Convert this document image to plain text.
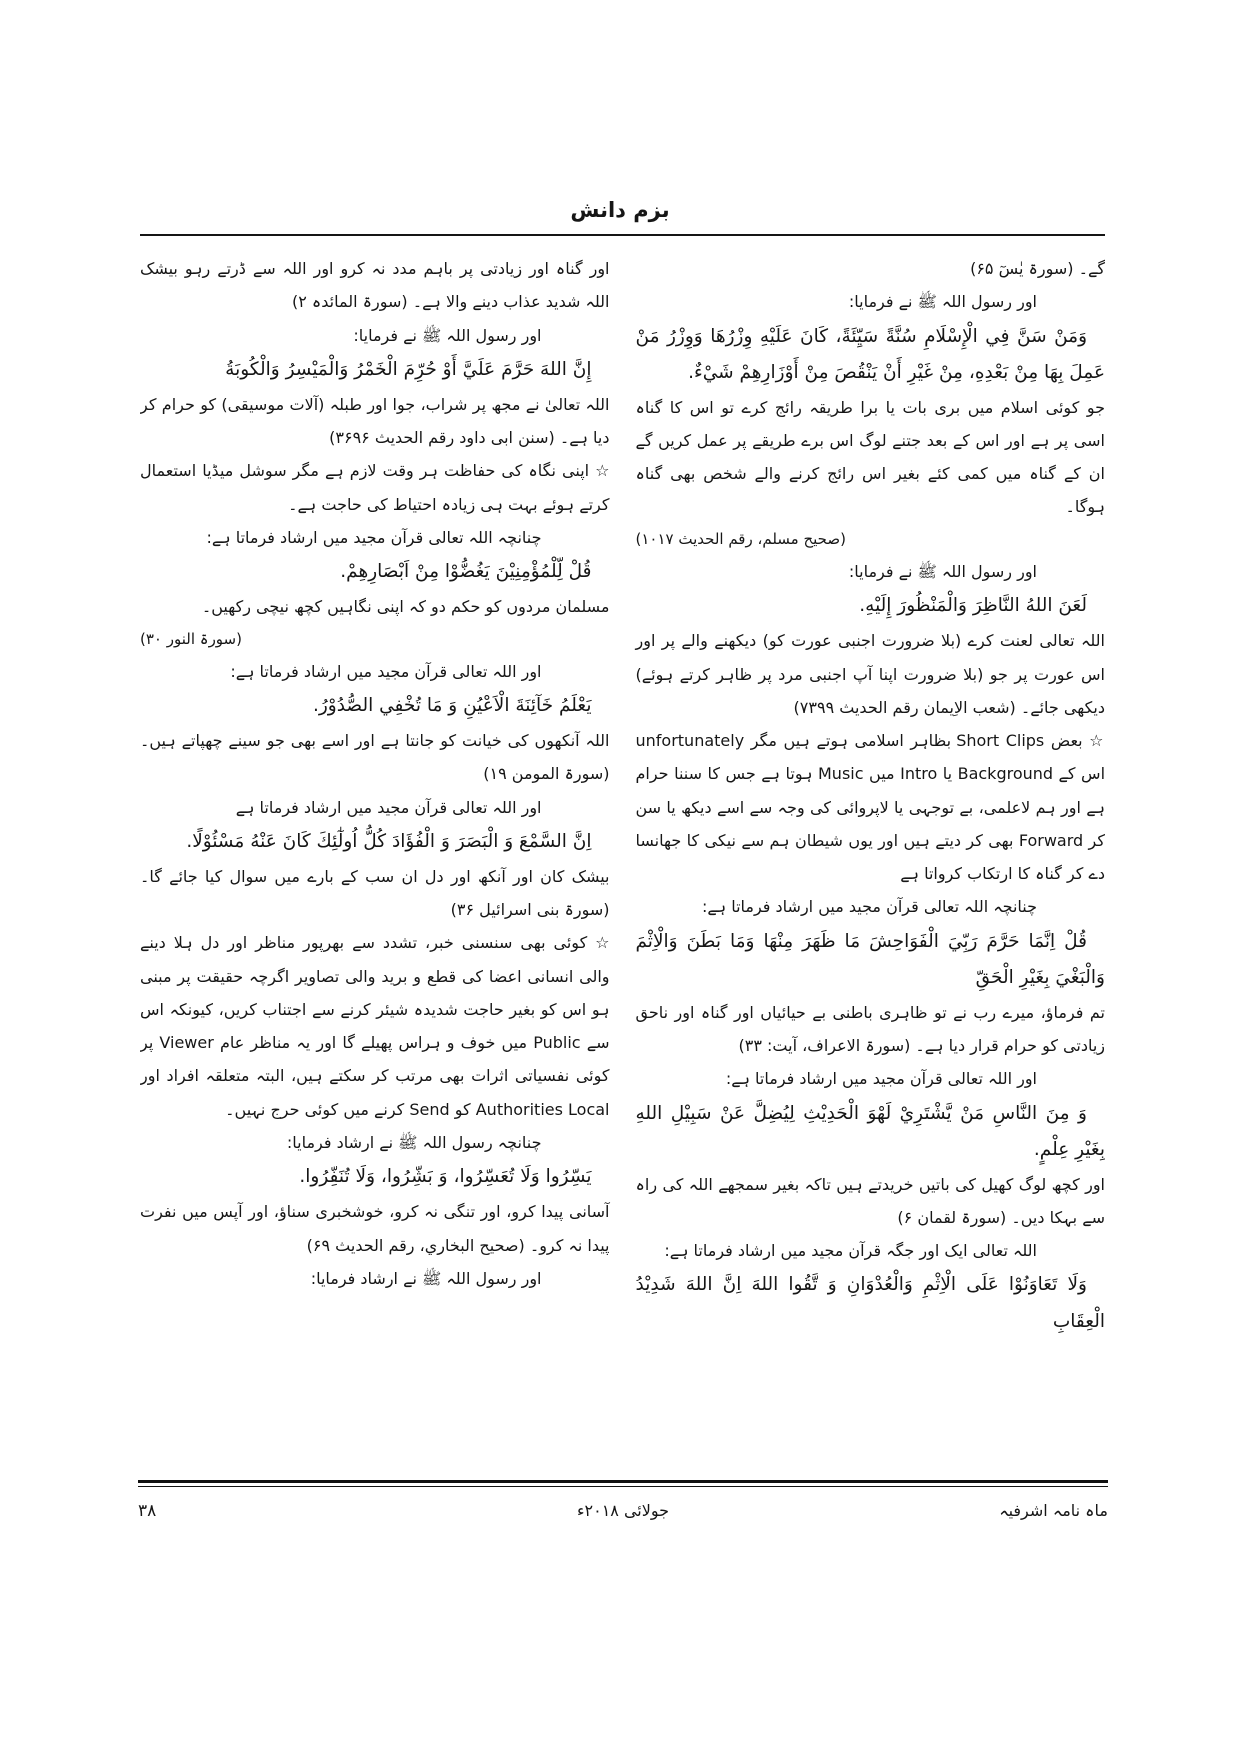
بزم دانش

گے۔ (سورۃ یٰسٓ ۶۵)

اور رسول اللہ ﷺ نے فرمایا:

وَمَنْ سَنَّ فِي الْإِسْلَامِ سُنَّةً سَيِّئَةً، كَانَ عَلَيْهِ وِزْرُهَا وَوِزْرُ مَنْ عَمِلَ بِهَا مِنْ بَعْدِهِ، مِنْ غَيْرِ أَنْ يَنْقُصَ مِنْ أَوْزَارِهِمْ شَيْءٌ.

جو کوئی اسلام میں بری بات یا برا طریقہ رائج کرے تو اس کا گناہ اسی پر ہے اور اس کے بعد جتنے لوگ اس برے طریقے پر عمل کریں گے ان کے گناہ میں کمی کئے بغیر اس رائج کرنے والے شخص بھی گناہ ہوگا۔

(صحیح مسلم، رقم الحدیث ۱۰۱۷)

اور رسول اللہ ﷺ نے فرمایا:

لَعَنَ اللهُ النَّاظِرَ وَالْمَنْظُورَ إِلَيْهِ.

اللہ تعالی لعنت کرے (بلا ضرورت اجنبی عورت کو) دیکھنے والے پر اور اس عورت پر جو (بلا ضرورت اپنا آپ اجنبی مرد پر ظاہر کرتے ہوئے) دیکھی جائے۔ (شعب الاِیمان رقم الحدیث ۷۳۹۹)

☆ بعض Short Clips بظاہر اسلامی ہوتے ہیں مگر unfortunately اس کے Background یا Intro میں Music ہوتا ہے جس کا سننا حرام ہے اور ہم لاعلمی، بے توجہی یا لاپروائی کی وجہ سے اسے دیکھ یا سن کر Forward بھی کر دیتے ہیں اور یوں شیطان ہم سے نیکی کا جھانسا دے کر گناہ کا ارتکاب کرواتا ہے

چنانچہ اللہ تعالی قرآن مجید میں ارشاد فرماتا ہے:

قُلْ اِنَّمَا حَرَّمَ رَبِّيَ الْفَوَاحِشَ مَا ظَهَرَ مِنْهَا وَمَا بَطَنَ وَالْاِثْمَ وَالْبَغْيَ بِغَيْرِ الْحَقِّ

تم فرماؤ، میرے رب نے تو ظاہری باطنی بے حیائیاں اور گناہ اور ناحق زیادتی کو حرام قرار دیا ہے۔ (سورۃ الاعراف، آیت: ۳۳)

اور اللہ تعالی قرآن مجید میں ارشاد فرماتا ہے:

وَ مِنَ النَّاسِ مَنْ يَّشْتَرِيْ لَهْوَ الْحَدِيْثِ لِيُضِلَّ عَنْ سَبِيْلِ اللهِ بِغَيْرِ عِلْمٍ.

اور کچھ لوگ کھیل کی باتیں خریدتے ہیں تاکہ بغیر سمجھے اللہ کی راہ سے بہکا دیں۔ (سورۃ لقمان ۶)

اللہ تعالی ایک اور جگہ قرآن مجید میں ارشاد فرماتا ہے:

وَلَا تَعَاوَنُوْا عَلَى الْاِثْمِ وَالْعُدْوَانِ وَ تَّقُوا اللهَ اِنَّ اللهَ شَدِيْدُ الْعِقَابِ

اور گناہ اور زیادتی پر باہم مدد نہ کرو اور اللہ سے ڈرتے رہو بیشک اللہ شدید عذاب دینے والا ہے۔ (سورۃ المائدہ ۲)

اور رسول اللہ ﷺ نے فرمایا:

إِنَّ اللهَ حَرَّمَ عَلَيَّ أَوْ حُرِّمَ الْخَمْرُ وَالْمَيْسِرُ وَالْكُوبَةُ

اللہ تعالیٰ نے مجھ پر شراب، جوا اور طبلہ (آلات موسیقی) کو حرام کر دیا ہے۔ (سنن ابی داود رقم الحدیث ۳۶۹۶)

☆ اپنی نگاہ کی حفاظت ہر وقت لازم ہے مگر سوشل میڈیا استعمال کرتے ہوئے بہت ہی زیادہ احتیاط کی حاجت ہے۔

چنانچہ اللہ تعالی قرآن مجید میں ارشاد فرماتا ہے:

قُلْ لِّلْمُؤْمِنِيْنَ يَغُضُّوْا مِنْ اَبْصَارِهِمْ.

مسلمان مردوں کو حکم دو کہ اپنی نگاہیں کچھ نیچی رکھیں۔

(سورۃ النور ۳۰)

اور اللہ تعالی قرآن مجید میں ارشاد فرماتا ہے:

يَعْلَمُ خَآئِنَةَ الْاَعْيُنِ وَ مَا تُخْفِي الصُّدُوْرُ.

اللہ آنکھوں کی خیانت کو جانتا ہے اور اسے بھی جو سینے چھپاتے ہیں۔ (سورۃ المومن ۱۹)

اور اللہ تعالی قرآن مجید میں ارشاد فرماتا ہے

اِنَّ السَّمْعَ وَ الْبَصَرَ وَ الْفُؤَادَ كُلُّ اُولٰٓئِكَ كَانَ عَنْهُ مَسْئُوْلًا.

بیشک کان اور آنکھ اور دل ان سب کے بارے میں سوال کیا جائے گا۔ (سورۃ بنی اسرائیل ۳۶)

☆ کوئی بھی سنسنی خبر، تشدد سے بھرپور مناظر اور دل ہلا دینے والی انسانی اعضا کی قطع و برید والی تصاویر اگرچہ حقیقت پر مبنی ہو اس کو بغیر حاجت شدیدہ شیئر کرنے سے اجتناب کریں، کیونکہ اس سے Public میں خوف و ہراس پھیلے گا اور یہ مناظر عام Viewer پر کوئی نفسیاتی اثرات بھی مرتب کر سکتے ہیں، البتہ متعلقہ افراد اور Authorities Local کو Send کرنے میں کوئی حرج نہیں۔

چنانچہ رسول اللہ ﷺ نے ارشاد فرمایا:

يَسِّرُوا وَلَا تُعَسِّرُوا، وَ بَشِّرُوا، وَلَا تُنَفِّرُوا.

آسانی پیدا کرو، اور تنگی نہ کرو، خوشخبری سناؤ، اور آپس میں نفرت پیدا نہ کرو۔ (صحیح البخاري، رقم الحدیث ۶۹)

اور رسول اللہ ﷺ نے ارشاد فرمایا:

ماہ نامہ اشرفیہ
جولائی ۲۰۱۸ء
۳۸
